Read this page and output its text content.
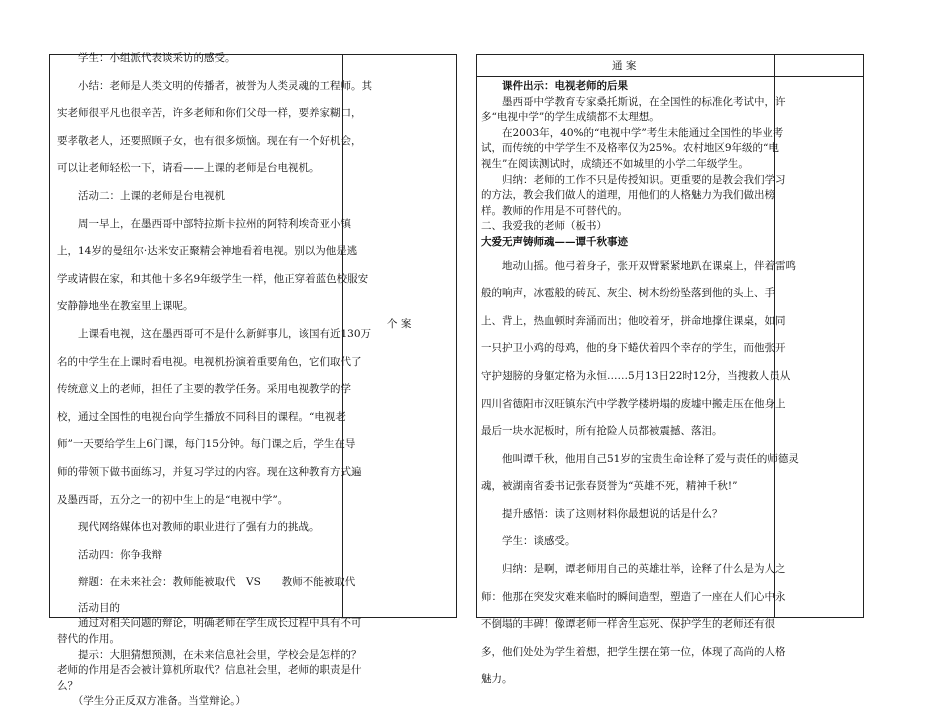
个 案

　　学生：小组派代表谈采访的感受。

　　小结：老师是人类文明的传播者，被誉为人类灵魂的工程师。其

实老师很平凡也很辛苦，许多老师和你们父母一样，要养家糊口，

要孝敬老人，还要照顾子女，也有很多烦恼。现在有一个好机会，

可以让老师轻松一下，请看——上课的老师是台电视机。

　　活动二：上课的老师是台电视机

　　周一早上，在墨西哥中部特拉斯卡拉州的阿特利埃奇亚小镇

上，14岁的曼纽尔·达米安正聚精会神地看着电视。别以为他是逃

学或请假在家，和其他十多名9年级学生一样，他正穿着蓝色校服安

安静静地坐在教室里上课呢。

　　上课看电视，这在墨西哥可不是什么新鲜事儿，该国有近130万

名的中学生在上课时看电视。电视机扮演着重要角色，它们取代了

传统意义上的老师，担任了主要的教学任务。采用电视教学的学

校，通过全国性的电视台向学生播放不同科目的课程。“电视老

师”一天要给学生上6门课，每门15分钟。每门课之后，学生在导

师的带领下做书面练习，并复习学过的内容。现在这种教育方式遍

及墨西哥，五分之一的初中生上的是“电视中学”。

　　现代网络媒体也对教师的职业进行了强有力的挑战。

　　活动四：你争我辩

　　辩题：在未来社会：教师能被取代　VS　　教师不能被取代

　　活动目的

　　通过对相关问题的辩论，明确老师在学生成长过程中具有不可

替代的作用。

　　提示：大胆猜想预测，在未来信息社会里，学校会是怎样的？

老师的作用是否会被计算机所取代？信息社会里，老师的职责是什

么？

　　（学生分正反双方准备。当堂辩论。）

通 案

课件出示：电视老师的后果

　　墨西哥中学教育专家桑托斯说，在全国性的标准化考试中，许

多“电视中学”的学生成绩都不太理想。

　　在2003年，40%的“电视中学”考生未能通过全国性的毕业考

试，而传统的中学学生不及格率仅为25%。农村地区9年级的“电

视生”在阅读测试时，成绩还不如城里的小学二年级学生。

　　归纳：老师的工作不只是传授知识。更重要的是教会我们学习

的方法，教会我们做人的道理，用他们的人格魅力为我们做出榜

样。教师的作用是不可替代的。

二、我爱我的老师（板书）

大爱无声铸师魂——谭千秋事迹

　　地动山摇。他弓着身子，张开双臂紧紧地趴在课桌上，伴着雷鸣

般的响声，冰雹般的砖瓦、灰尘、树木纷纷坠落到他的头上、手

上、背上，热血顿时奔涌而出；他咬着牙，拼命地撑住课桌，如同

一只护卫小鸡的母鸡，他的身下蜷伏着四个幸存的学生，而他张开

守护翅膀的身躯定格为永恒……5月13日22时12分，当搜救人员从

四川省德阳市汉旺镇东汽中学教学楼坍塌的废墟中搬走压在他身上

最后一块水泥板时，所有抢险人员都被震撼、落泪。

　　他叫谭千秋，他用自己51岁的宝贵生命诠释了爱与责任的师德灵

魂，被湖南省委书记张春贤誉为“英雄不死，精神千秋!”

　　提升感悟：读了这则材料你最想说的话是什么？

　　学生：谈感受。

　　归纳：是啊，谭老师用自己的英雄壮举，诠释了什么是为人之

师：他那在突发灾难来临时的瞬间造型，塑造了一座在人们心中永

不倒塌的丰碑！像谭老师一样舍生忘死、保护学生的老师还有很

多，他们处处为学生着想，把学生摆在第一位，体现了高尚的人格

魅力。
